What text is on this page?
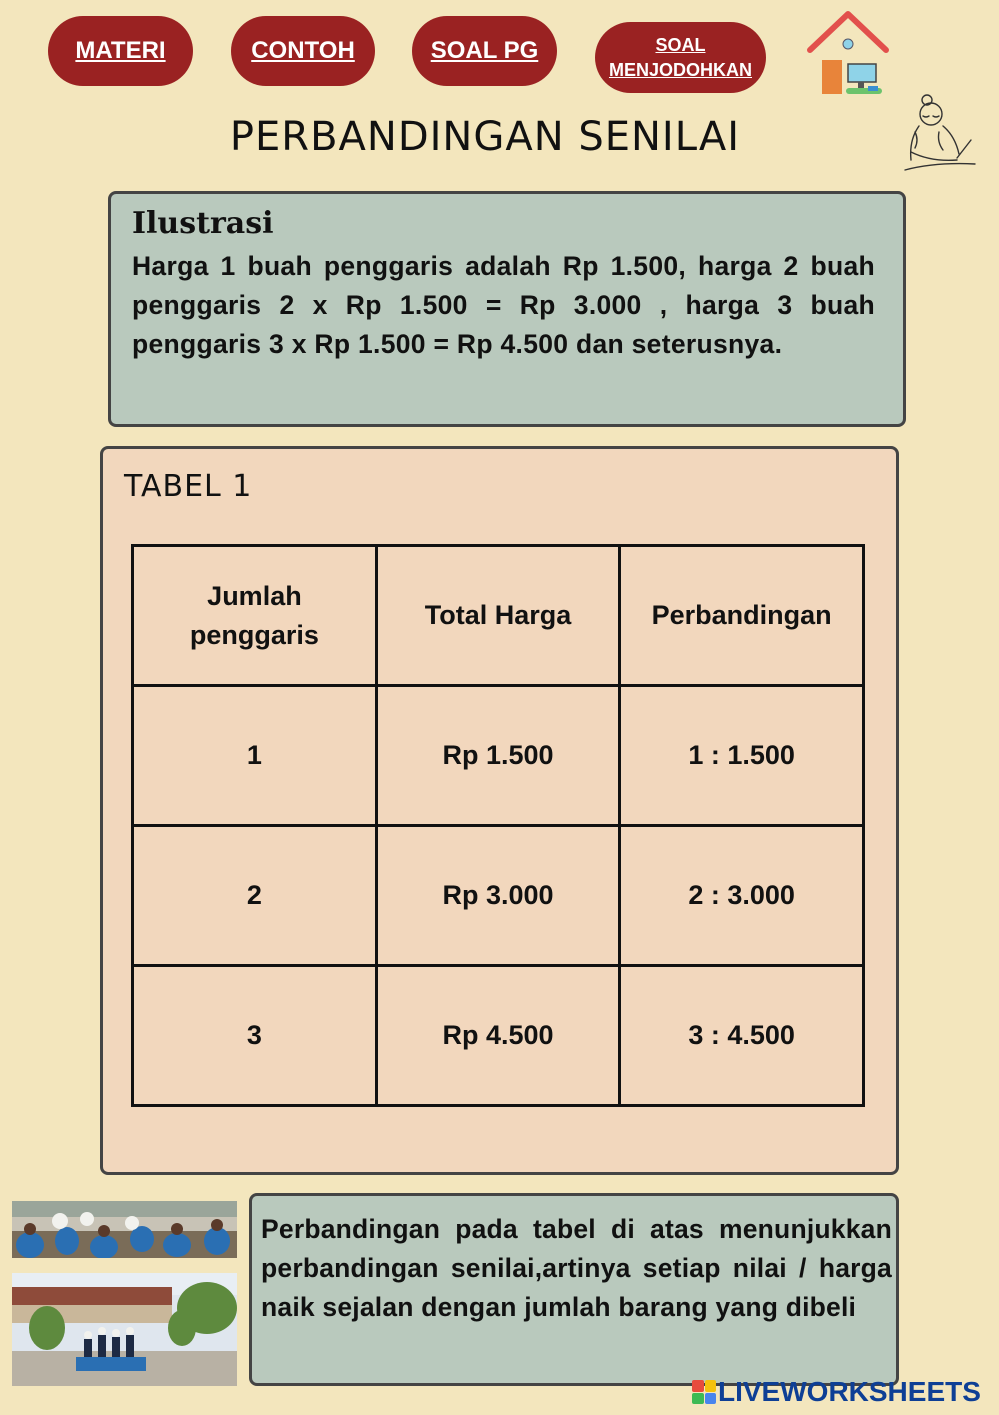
MATERI	CONTOH	SOAL PG	SOAL MENJODOHKAN
PERBANDINGAN SENILAI
Ilustrasi

Harga 1 buah penggaris adalah Rp 1.500, harga 2 buah penggaris 2 x Rp 1.500 = Rp 3.000 , harga 3 buah penggaris 3 x Rp 1.500 = Rp 4.500 dan seterusnya.

TABEL 1
Jumlah penggaris	Total Harga	Perbandingan
1	Rp 1.500	1 : 1.500
2	Rp 3.000	2 : 3.000
3	Rp 4.500	3 : 4.500

Perbandingan pada tabel di atas menunjukkan perbandingan senilai,artinya setiap nilai / harga naik sejalan dengan jumlah barang yang dibeli

LIVEWORKSHEETS
